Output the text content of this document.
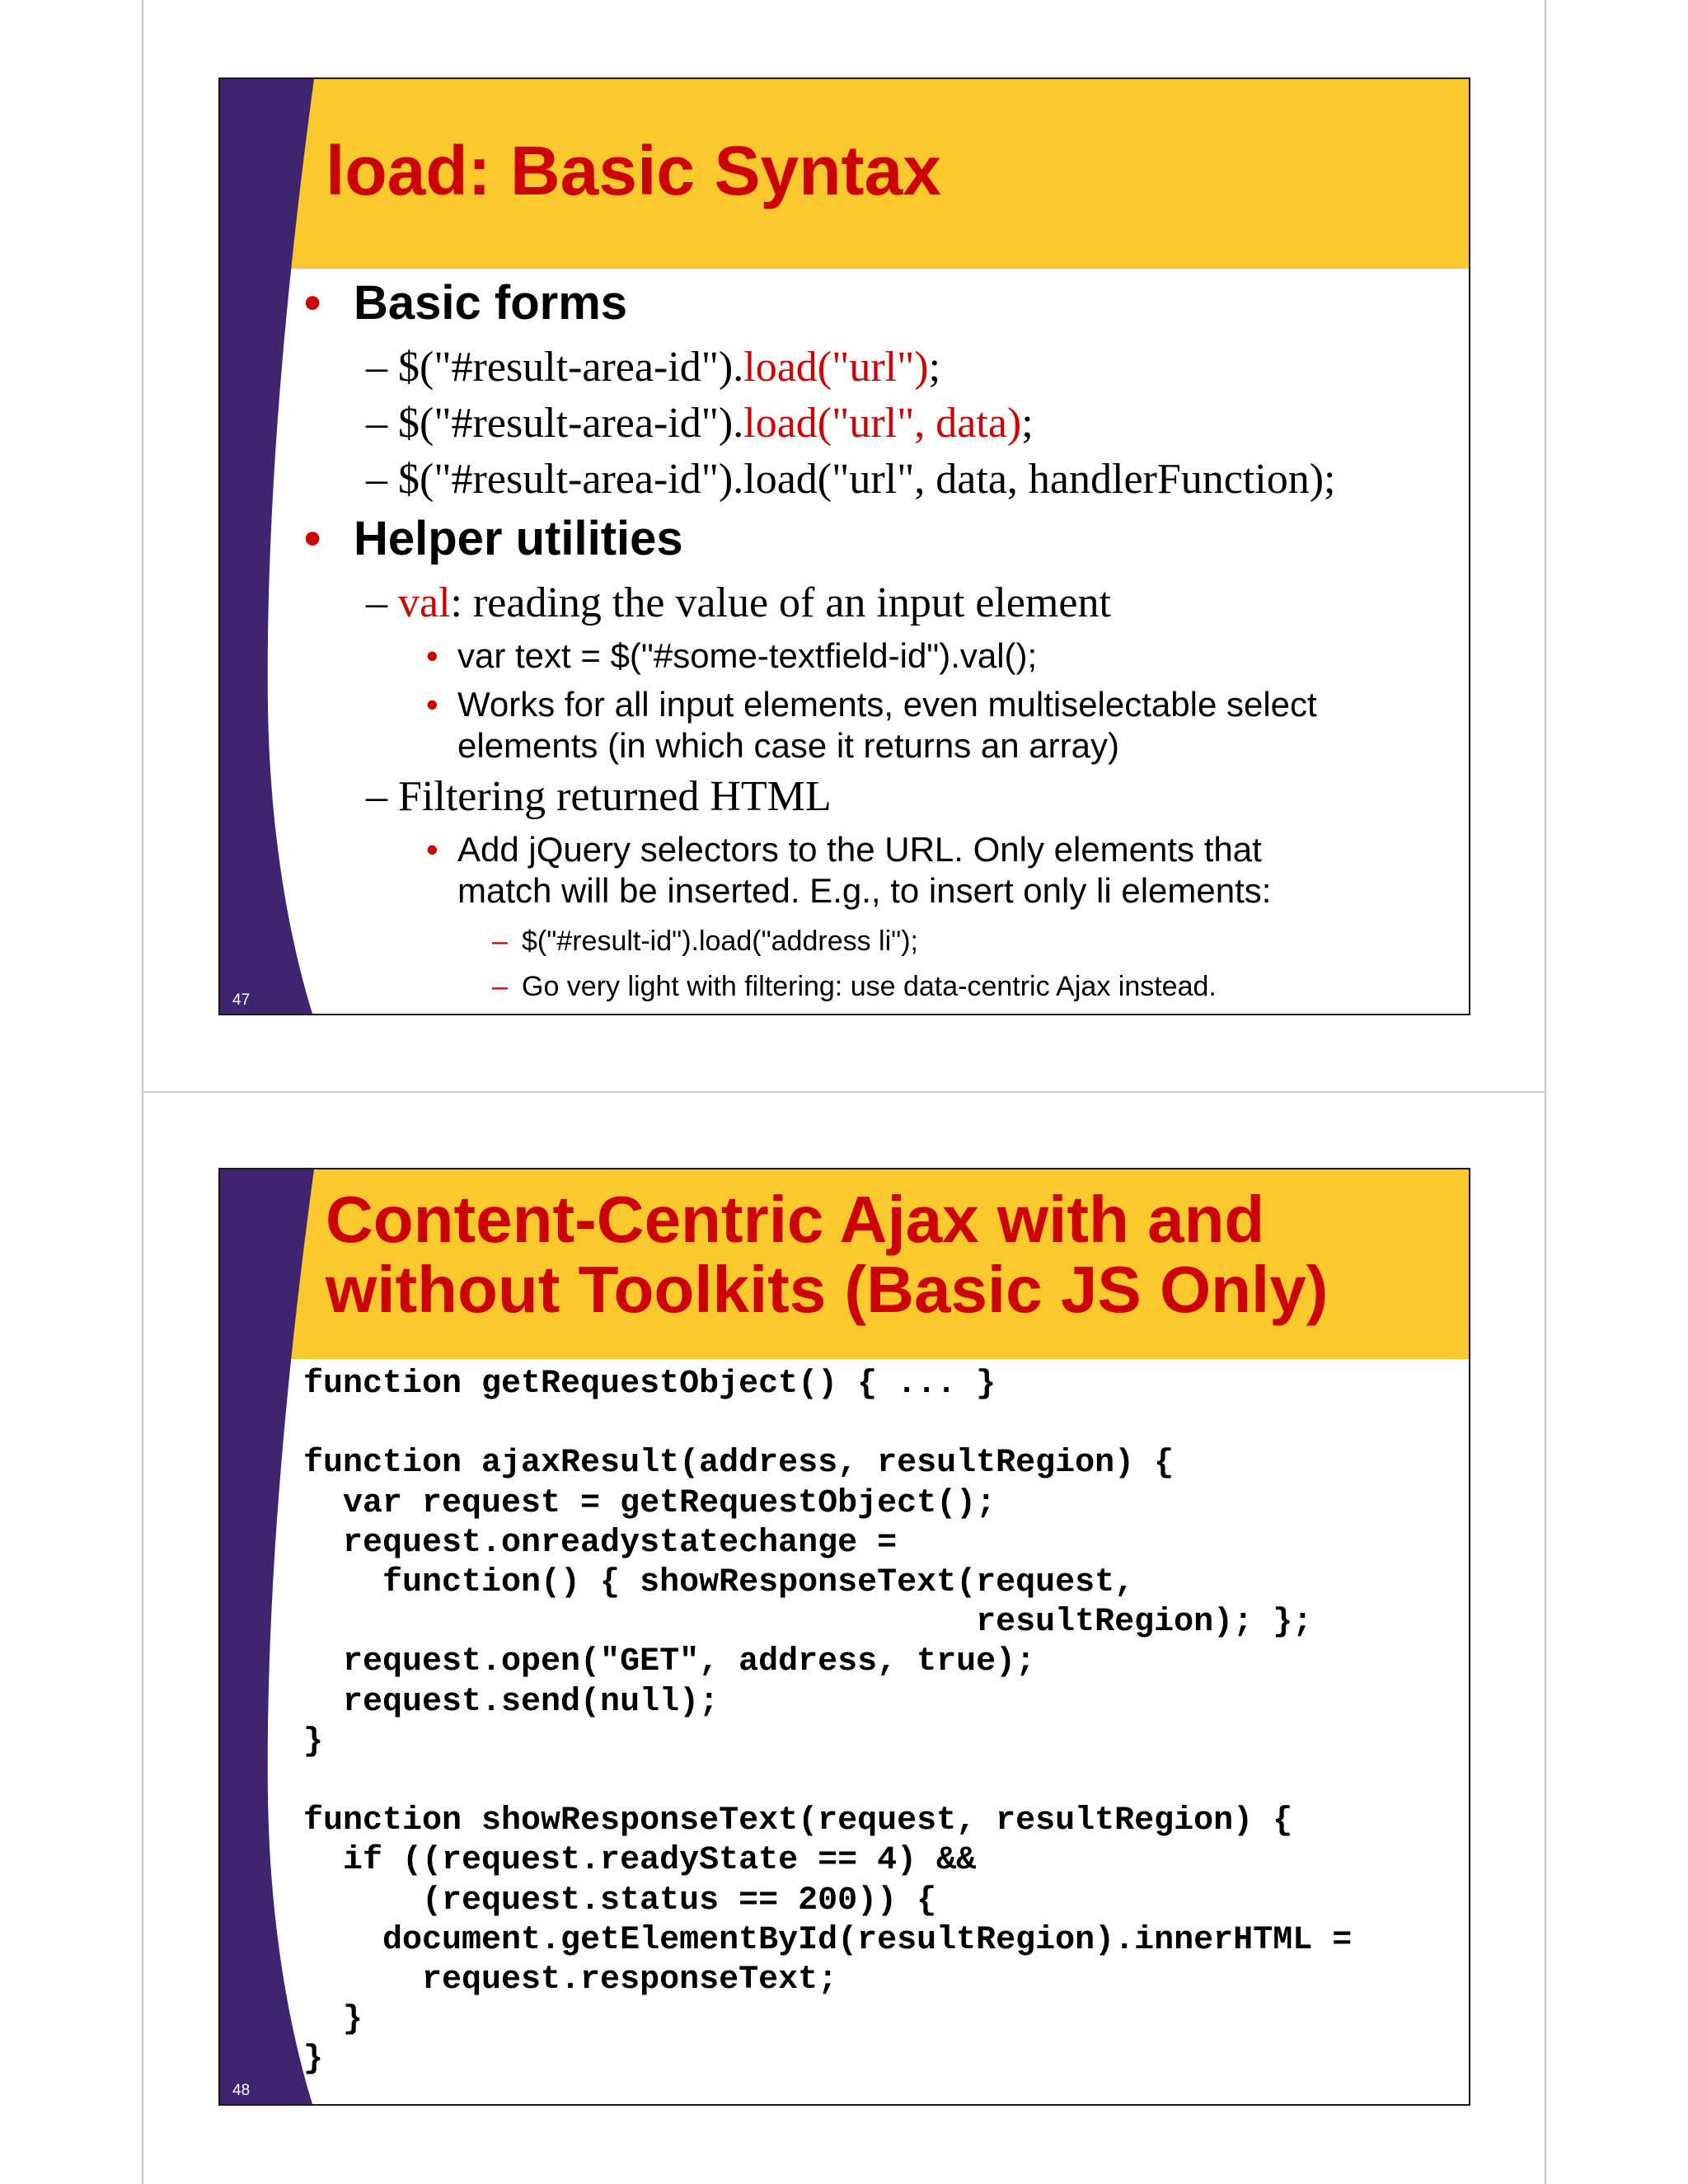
load: Basic Syntax
• Basic forms
– $("#result-area-id").load("url");
– $("#result-area-id").load("url", data);
– $("#result-area-id").load("url", data, handlerFunction);
• Helper utilities
– val: reading the value of an input element
• var text = $("#some-textfield-id").val();
• Works for all input elements, even multiselectable select
elements (in which case it returns an array)
– Filtering returned HTML
• Add jQuery selectors to the URL. Only elements that
match will be inserted. E.g., to insert only li elements:
– $("#result-id").load("address li");
– Go very light with filtering: use data-centric Ajax instead.
47
Content-Centric Ajax with and
without Toolkits (Basic JS Only)
48
function getRequestObject() { ... }

function ajaxResult(address, resultRegion) {
var request = getRequestObject();
request.onreadystatechange =
function() { showResponseText(request,
resultRegion); };
request.open("GET", address, true);
request.send(null);
}

function showResponseText(request, resultRegion) {
if ((request.readyState == 4) &&
(request.status == 200)) {
document.getElementById(resultRegion).innerHTML =
request.responseText;
}
}
